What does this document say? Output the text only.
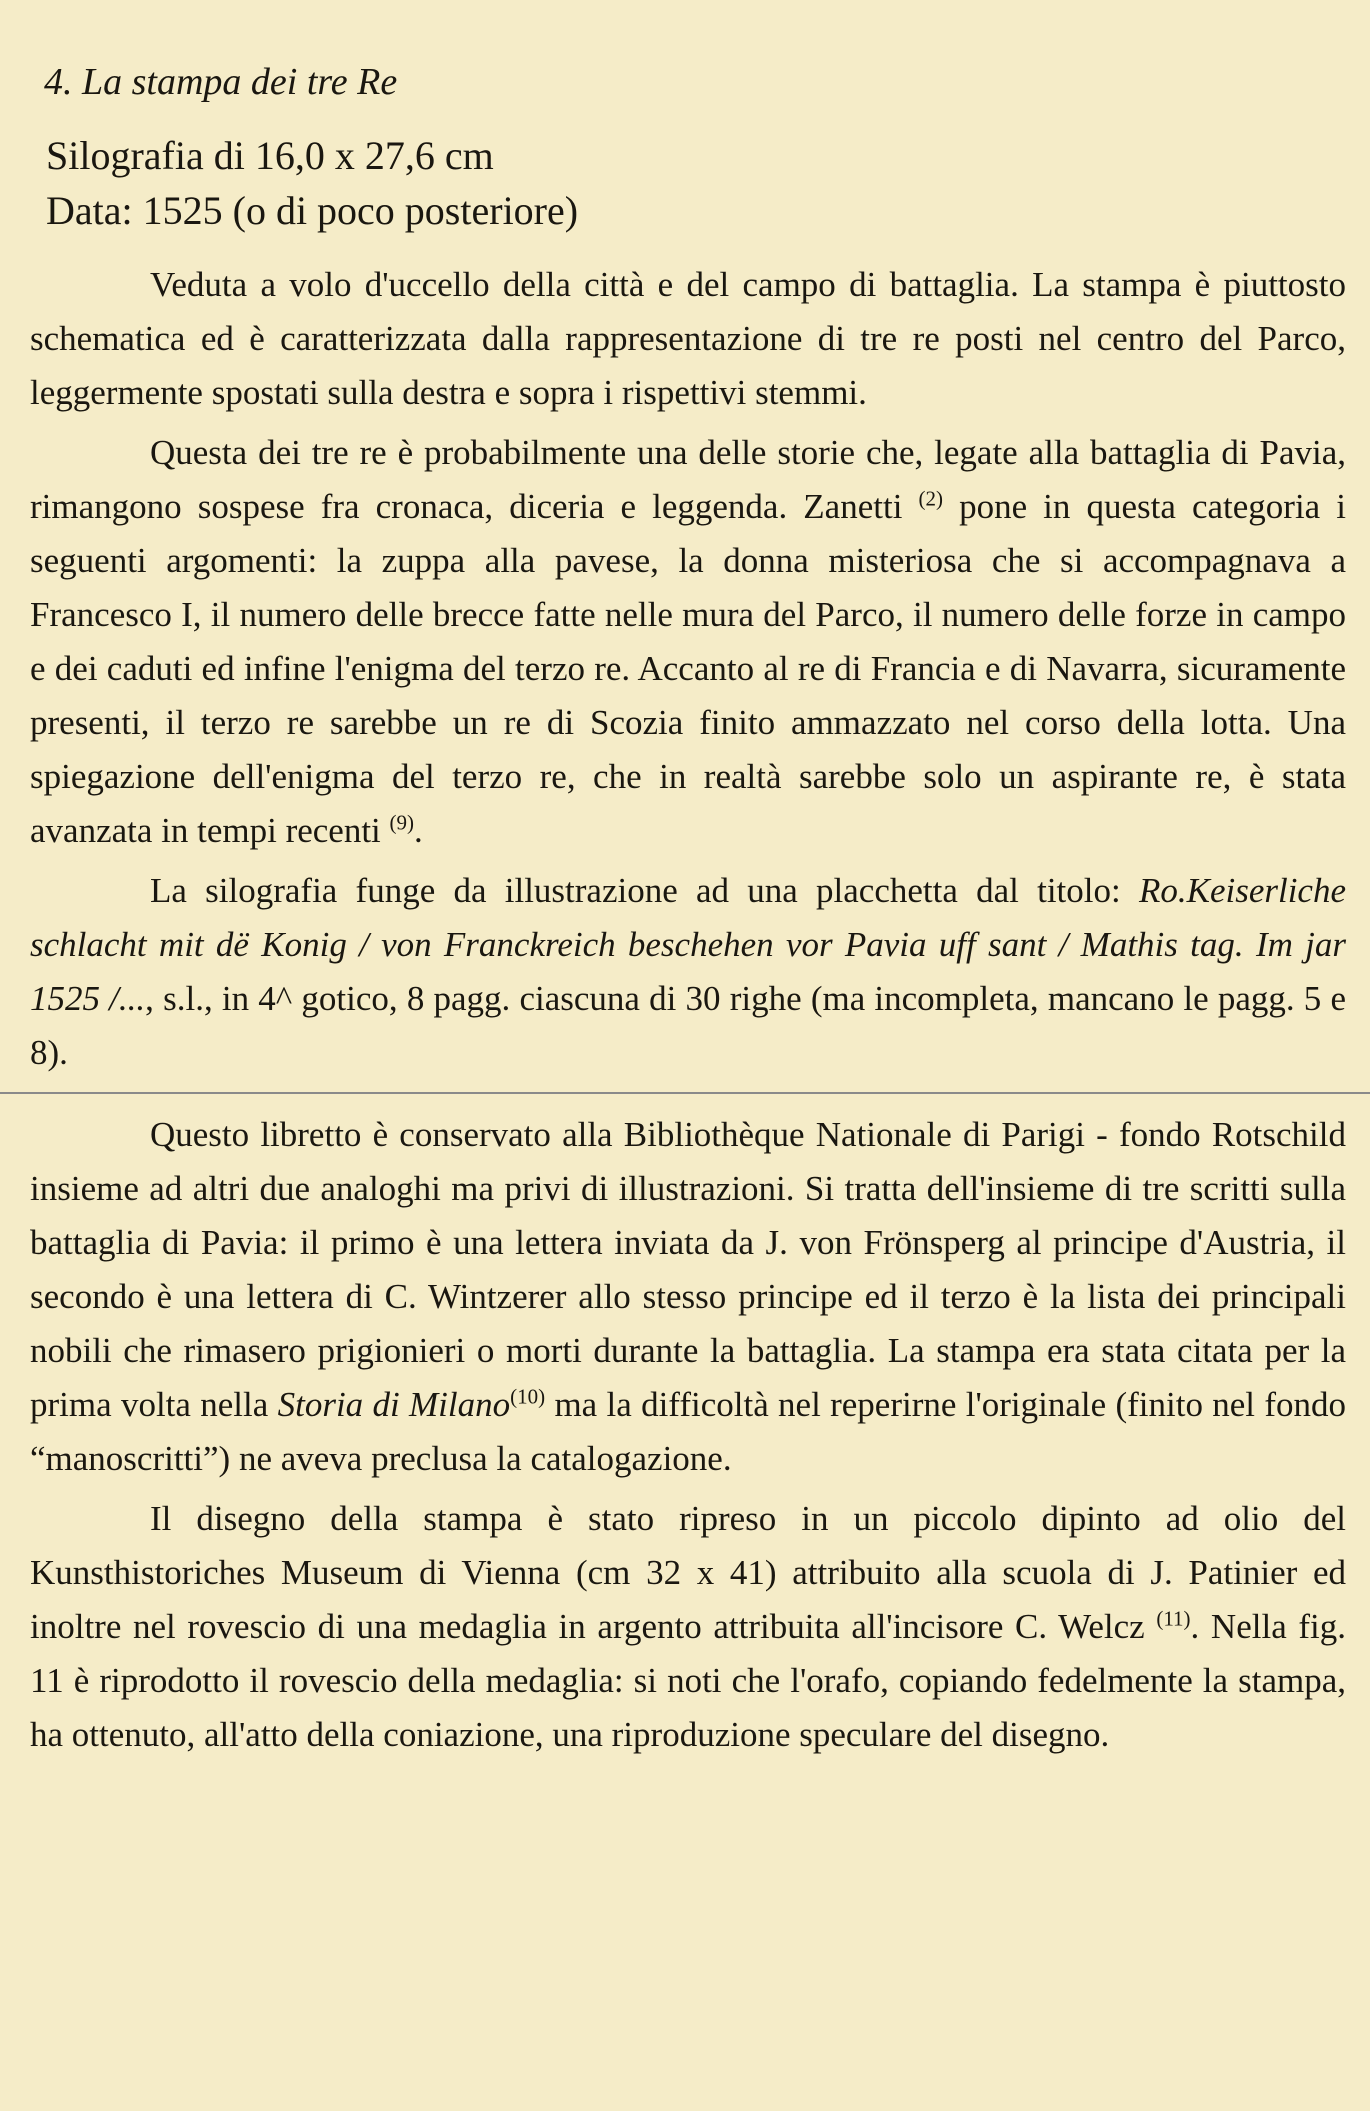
4. La stampa dei tre Re

Silografia di 16,0 x 27,6 cm

Data: 1525 (o di poco posteriore)

Veduta a volo d'uccello della città e del campo di battaglia. La stampa è piuttosto schematica ed è caratterizzata dalla rappresentazione di tre re posti nel centro del Parco, leggermente spostati sulla destra e sopra i rispettivi stemmi.

Questa dei tre re è probabilmente una delle storie che, legate alla battaglia di Pavia, rimangono sospese fra cronaca, diceria e leggenda. Zanetti $^{(2)}$ pone in questa categoria i seguenti argomenti: la zuppa alla pavese, la donna misteriosa che si accompagnava a Francesco I, il numero delle brecce fatte nelle mura del Parco, il numero delle forze in campo e dei caduti ed infine l'enigma del terzo re. Accanto al re di Francia e di Navarra, sicuramente presenti, il terzo re sarebbe un re di Scozia finito ammazzato nel corso della lotta. Una spiegazione dell'enigma del terzo re, che in realtà sarebbe solo un aspirante re, è stata avanzata in tempi recenti $^{(9)}$.

La silografia funge da illustrazione ad una placchetta dal titolo: Ro.Keiserliche schlacht mit dë Konig / von Franckreich beschehen vor Pavia uff sant / Mathis tag. Im jar 1525 /..., s.l., in 4^ gotico, 8 pagg. ciascuna di 30 righe (ma incompleta, mancano le pagg. 5 e 8).

Questo libretto è conservato alla Bibliothèque Nationale di Parigi - fondo Rotschild insieme ad altri due analoghi ma privi di illustrazioni. Si tratta dell'insieme di tre scritti sulla battaglia di Pavia: il primo è una lettera inviata da J. von Frönsperg al principe d'Austria, il secondo è una lettera di C. Wintzerer allo stesso principe ed il terzo è la lista dei principali nobili che rimasero prigionieri o morti durante la battaglia. La stampa era stata citata per la prima volta nella Storia di Milano$^{(10)}$ ma la difficoltà nel reperirne l'originale (finito nel fondo “manoscritti”) ne aveva preclusa la catalogazione.

Il disegno della stampa è stato ripreso in un piccolo dipinto ad olio del Kunsthistoriches Museum di Vienna (cm 32 x 41) attribuito alla scuola di J. Patinier ed inoltre nel rovescio di una medaglia in argento attribuita all'incisore C. Welcz $^{(11)}$. Nella fig. 11 è riprodotto il rovescio della medaglia: si noti che l'orafo, copiando fedelmente la stampa, ha ottenuto, all'atto della coniazione, una riproduzione speculare del disegno.
